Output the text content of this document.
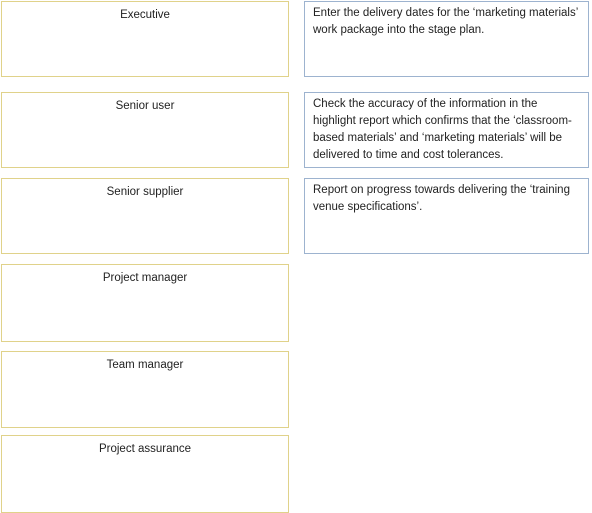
Executive
Senior user
Senior supplier
Project manager
Team manager
Project assurance
Enter the delivery dates for the ‘marketing materials’ work package into the stage plan.
Check the accuracy of the information in the highlight report which confirms that the ‘classroom-based materials’ and ‘marketing materials’ will be delivered to time and cost tolerances.
Report on progress towards delivering the ‘training venue specifications’.
